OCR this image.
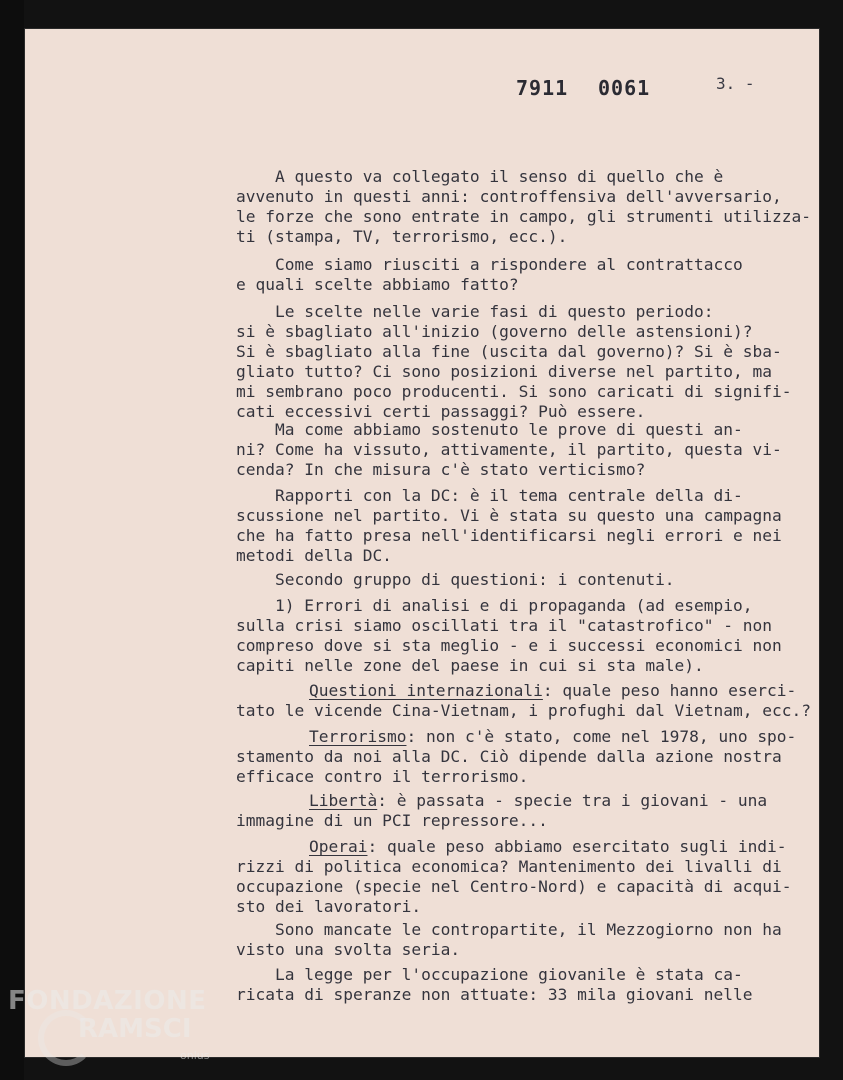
7911 0061	3. -
A questo va collegato il senso di quello che è
avvenuto in questi anni: controffensiva dell'avversario,
le forze che sono entrate in campo, gli strumenti utilizza-
ti (stampa, TV, terrorismo, ecc.).
Come siamo riusciti a rispondere al contrattacco
e quali scelte abbiamo fatto?
Le scelte nelle varie fasi di questo periodo:
si è sbagliato all'inizio (governo delle astensioni)?
Si è sbagliato alla fine (uscita dal governo)? Si è sba-
gliato tutto? Ci sono posizioni diverse nel partito, ma
mi sembrano poco producenti. Si sono caricati di signifi-
cati eccessivi certi passaggi? Può essere.
Ma come abbiamo sostenuto le prove di questi an-
ni? Come ha vissuto, attivamente, il partito, questa vi-
cenda? In che misura c'è stato verticismo?
Rapporti con la DC: è il tema centrale della di-
scussione nel partito. Vi è stata su questo una campagna
che ha fatto presa nell'identificarsi negli errori e nei
metodi della DC.
Secondo gruppo di questioni: i contenuti.
1) Errori di analisi e di propaganda (ad esempio,
sulla crisi siamo oscillati tra il "catastrofico" - non
compreso dove si sta meglio - e i successi economici non
capiti nelle zone del paese in cui si sta male).
Questioni internazionali: quale peso hanno eserci-
tato le vicende Cina-Vietnam, i profughi dal Vietnam, ecc.?
Terrorismo: non c'è stato, come nel 1978, uno spo-
stamento da noi alla DC. Ciò dipende dalla azione nostra
efficace contro il terrorismo.
Libertà: è passata - specie tra i giovani - una
immagine di un PCI repressore...
Operai: quale peso abbiamo esercitato sugli indi-
rizzi di politica economica? Mantenimento dei livalli di
occupazione (specie nel Centro-Nord) e capacità di acqui-
sto dei lavoratori.
Sono mancate le contropartite, il Mezzogiorno non ha
visto una svolta seria.
La legge per l'occupazione giovanile è stata ca-
ricata di speranze non attuate: 33 mila giovani nelle
FONDAZIONE
RAMSCI
onlus
